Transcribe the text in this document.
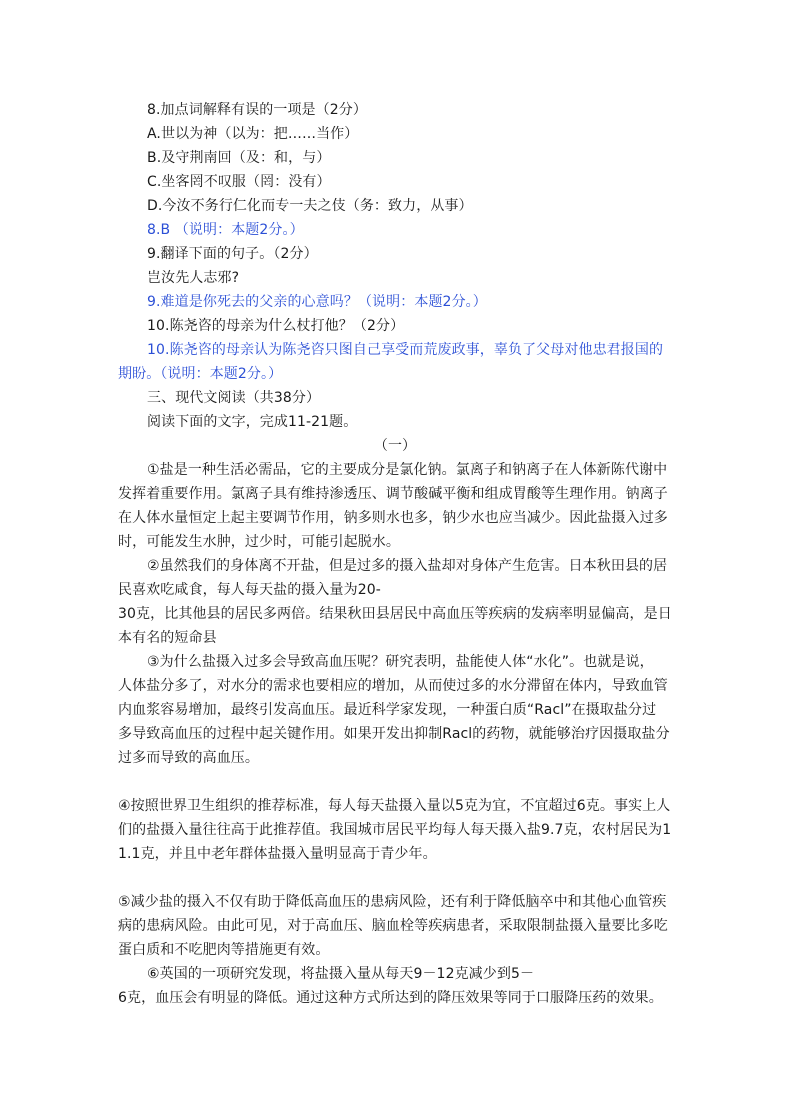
8.加点词解释有误的一项是（2分）
A.世以为神（以为：把……当作）
B.及守荆南回（及：和，与）
C.坐客罔不叹服（罔：没有）
D.今汝不务行仁化而专一夫之伎（务：致力，从事）
8.B （说明：本题2分。）
9.翻译下面的句子。（2分）
岂汝先人志邪?
9.难道是你死去的父亲的心意吗？（说明：本题2分。）
10.陈尧咨的母亲为什么杖打他？（2分）
10.陈尧咨的母亲认为陈尧咨只图自己享受而荒废政事，辜负了父母对他忠君报国的
期盼。（说明：本题2分。）
三、现代文阅读（共38分）
阅读下面的文字，完成11-21题。
（一）
①盐是一种生活必需品，它的主要成分是氯化钠。氯离子和钠离子在人体新陈代谢中
发挥着重要作用。氯离子具有维持渗透压、调节酸碱平衡和组成胃酸等生理作用。钠离子
在人体水量恒定上起主要调节作用，钠多则水也多，钠少水也应当减少。因此盐摄入过多
时，可能发生水肿，过少时，可能引起脱水。
②虽然我们的身体离不开盐，但是过多的摄入盐却对身体产生危害。日本秋田县的居
民喜欢吃咸食，每人每天盐的摄入量为20-
30克，比其他县的居民多两倍。结果秋田县居民中高血压等疾病的发病率明显偏高，是日
本有名的短命县
③为什么盐摄入过多会导致高血压呢？研究表明，盐能使人体“水化”。也就是说，
人体盐分多了，对水分的需求也要相应的增加，从而使过多的水分滞留在体内，导致血管
内血浆容易增加，最终引发高血压。最近科学家发现，一种蛋白质“Racl”在摄取盐分过
多导致高血压的过程中起关键作用。如果开发出抑制Racl的药物，就能够治疗因摄取盐分
过多而导致的高血压。
④按照世界卫生组织的推荐标准，每人每天盐摄入量以5克为宜，不宜超过6克。事实上人
们的盐摄入量往往高于此推荐值。我国城市居民平均每人每天摄入盐9.7克，农村居民为1
1.1克，并且中老年群体盐摄入量明显高于青少年。
⑤减少盐的摄入不仅有助于降低高血压的患病风险，还有利于降低脑卒中和其他心血管疾
病的患病风险。由此可见，对于高血压、脑血栓等疾病患者，采取限制盐摄入量要比多吃
蛋白质和不吃肥肉等措施更有效。
⑥英国的一项研究发现，将盐摄入量从每天9－12克减少到5－
6克，血压会有明显的降低。通过这种方式所达到的降压效果等同于口服降压药的效果。
